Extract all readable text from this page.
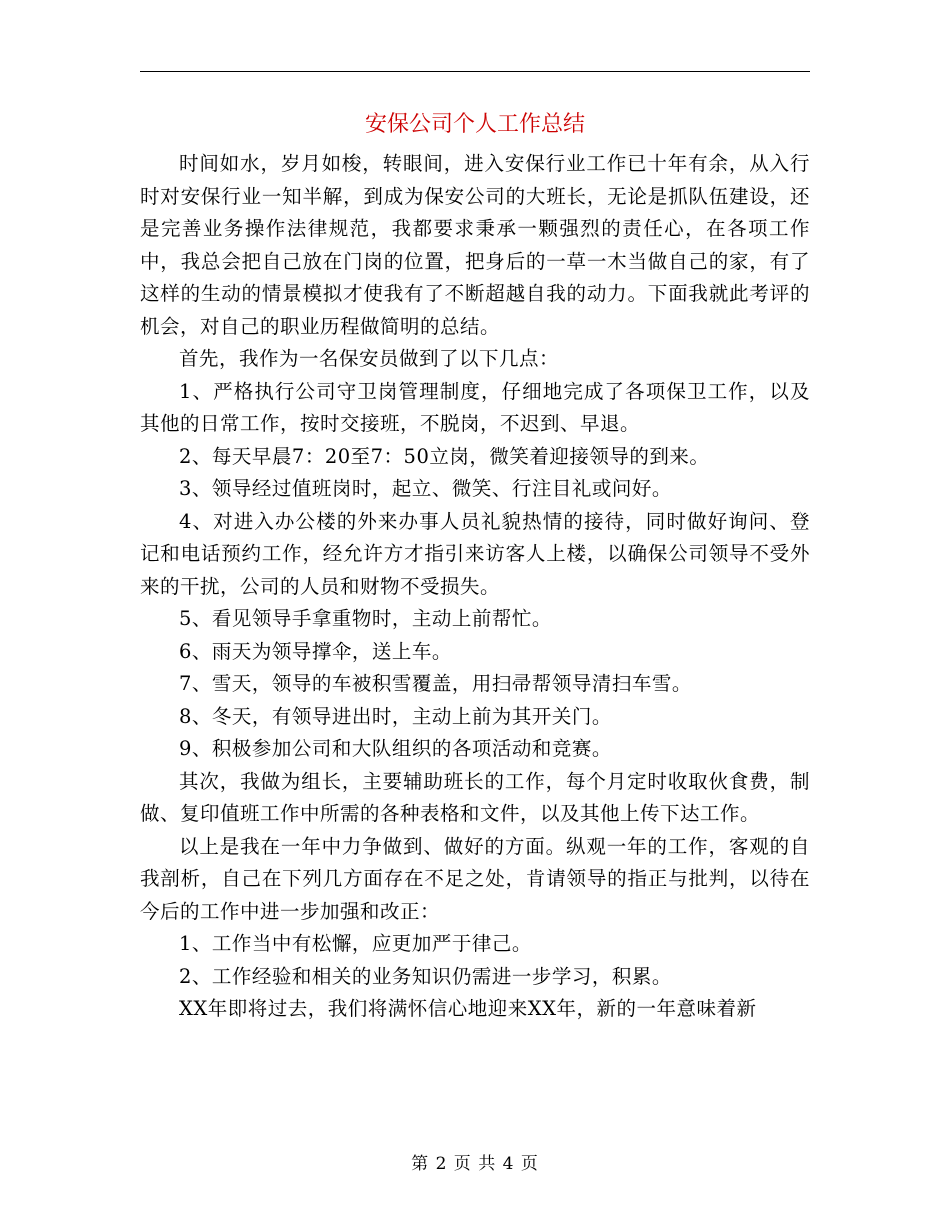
安保公司个人工作总结

时间如水，岁月如梭，转眼间，进入安保行业工作已十年有余，从入行时对安保行业一知半解，到成为保安公司的大班长，无论是抓队伍建设，还是完善业务操作法律规范，我都要求秉承一颗强烈的责任心，在各项工作中，我总会把自己放在门岗的位置，把身后的一草一木当做自己的家，有了这样的生动的情景模拟才使我有了不断超越自我的动力。下面我就此考评的机会，对自己的职业历程做简明的总结。

首先，我作为一名保安员做到了以下几点：

1、严格执行公司守卫岗管理制度，仔细地完成了各项保卫工作，以及其他的日常工作，按时交接班，不脱岗，不迟到、早退。

2、每天早晨7：20至7：50立岗，微笑着迎接领导的到来。

3、领导经过值班岗时，起立、微笑、行注目礼或问好。

4、对进入办公楼的外来办事人员礼貌热情的接待，同时做好询问、登记和电话预约工作，经允许方才指引来访客人上楼，以确保公司领导不受外来的干扰，公司的人员和财物不受损失。

5、看见领导手拿重物时，主动上前帮忙。

6、雨天为领导撑伞，送上车。

7、雪天，领导的车被积雪覆盖，用扫帚帮领导清扫车雪。

8、冬天，有领导进出时，主动上前为其开关门。

9、积极参加公司和大队组织的各项活动和竞赛。

其次，我做为组长，主要辅助班长的工作，每个月定时收取伙食费，制做、复印值班工作中所需的各种表格和文件，以及其他上传下达工作。

以上是我在一年中力争做到、做好的方面。纵观一年的工作，客观的自我剖析，自己在下列几方面存在不足之处，肯请领导的指正与批判，以待在今后的工作中进一步加强和改正：

1、工作当中有松懈，应更加严于律己。

2、工作经验和相关的业务知识仍需进一步学习，积累。

XX年即将过去，我们将满怀信心地迎来XX年，新的一年意味着新

第 2 页 共 4 页
